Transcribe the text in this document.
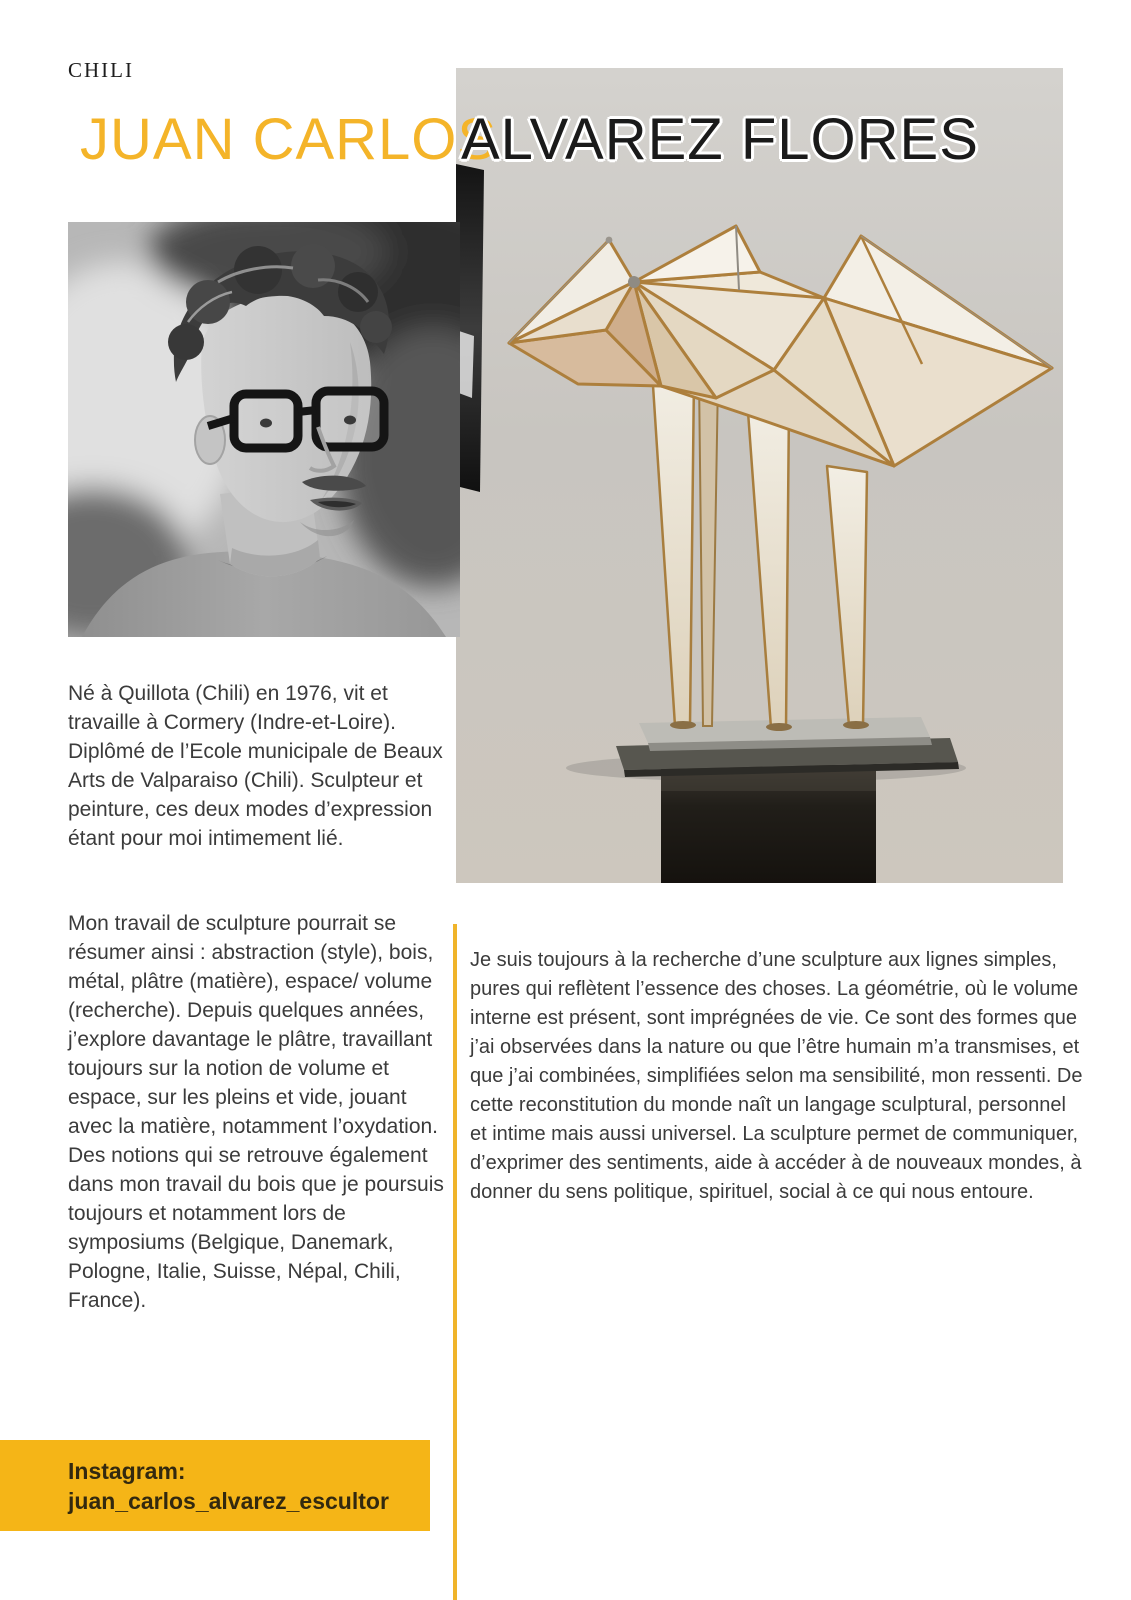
CHILI
JUAN CARLOS
ALVAREZ FLORES

Né à Quillota (Chili) en 1976, vit et travaille à Cormery (Indre-et-Loire). Diplômé de l’Ecole municipale de Beaux Arts de Valparaiso (Chili). Sculpteur et peinture, ces deux modes d’expression étant pour moi intimement lié.

Mon travail de sculpture pourrait se résumer ainsi : abstraction (style), bois, métal, plâtre (matière), espace/ volume (recherche). Depuis quelques années, j’explore davantage le plâtre, travaillant toujours sur la notion de volume et espace, sur les pleins et vide, jouant avec la matière, notamment l’oxydation. Des notions qui se retrouve également dans mon travail du bois que je poursuis toujours et notamment lors de symposiums (Belgique, Danemark, Pologne, Italie, Suisse, Népal, Chili, France).

Je suis toujours à la recherche d’une sculpture aux lignes simples, pures qui reflètent l’essence des choses. La géométrie, où le volume interne est présent, sont imprégnées de vie. Ce sont des formes que j’ai observées dans la nature ou que l’être humain m’a transmises, et que j’ai combinées, simplifiées selon ma sensibilité, mon ressenti. De cette reconstitution du monde naît un langage sculptural, personnel et intime mais aussi universel. La sculpture permet de communiquer, d’exprimer des sentiments, aide à accéder à de nouveaux mondes, à donner du sens politique, spirituel, social à ce qui nous entoure.

Instagram:
juan_carlos_alvarez_escultor
